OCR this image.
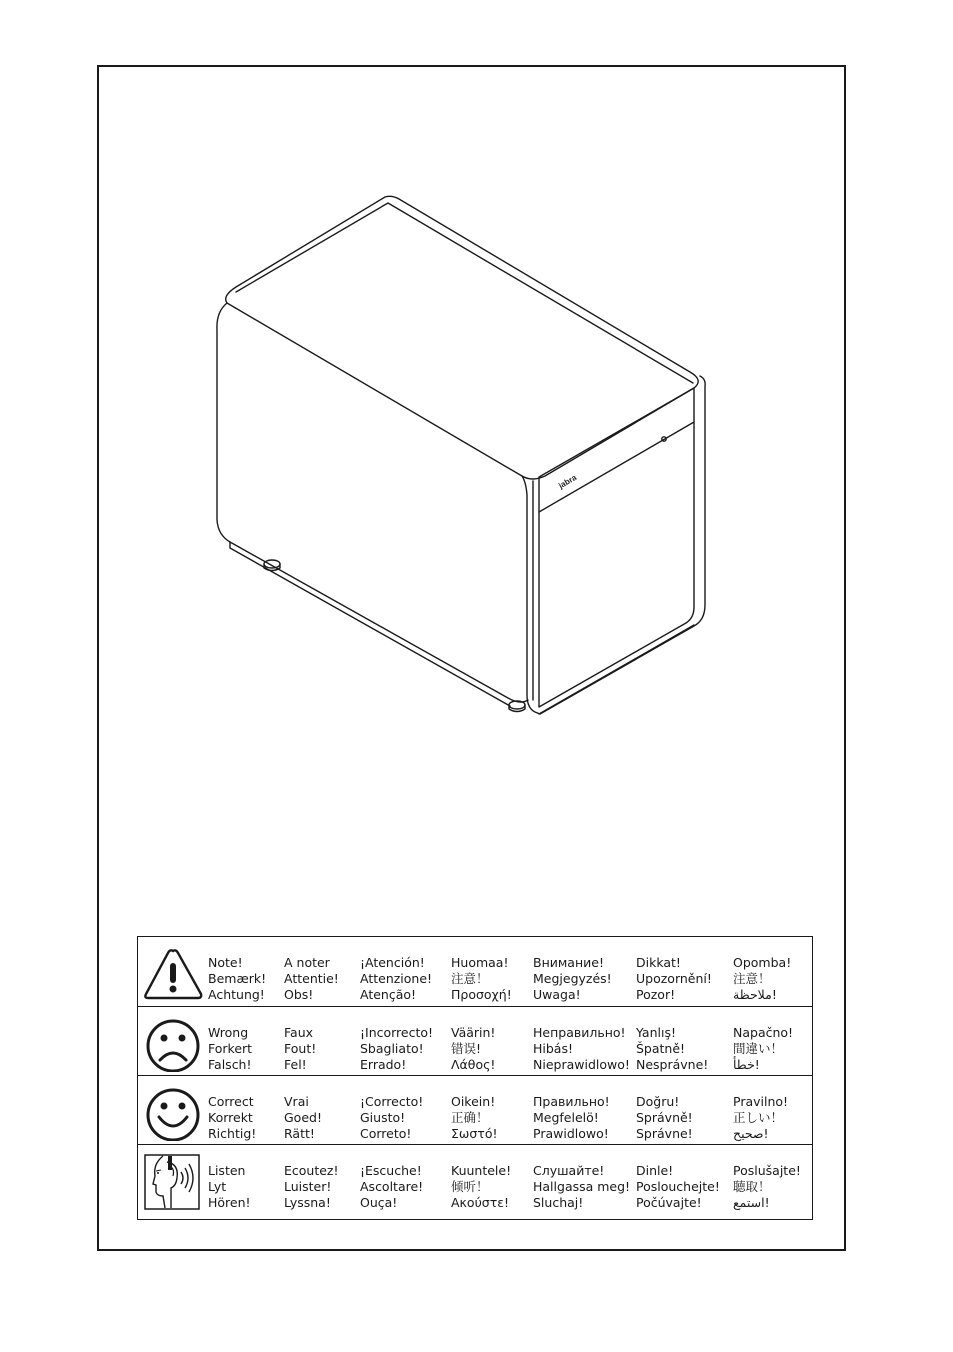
jabra
Note!
Bemærk!
Achtung!
A noter
Attentie!
Obs!
¡Atención!
Attenzione!
Atenção!
Huomaa!
注意！
Προσοχή!
Внимание!
Megjegyzés!
Uwaga!
Dikkat!
Upozornění!
Pozor!
Opomba!
注意！
ملاحظة!
Wrong
Forkert
Falsch!
Faux
Fout!
Fel!
¡Incorrecto!
Sbagliato!
Errado!
Väärin!
错误!
Λάθος!
Неправильно!
Hibás!
Nieprawidlowo!
Yanlış!
Špatně!
Nesprávne!
Napačno!
間違い！
خطأ!
Correct
Korrekt
Richtig!
Vrai
Goed!
Rätt!
¡Correcto!
Giusto!
Correto!
Oikein!
正确！
Σωστό!
Правильно!
Megfelelö!
Prawidlowo!
Doğru!
Správně!
Správne!
Pravilno!
正しい！
صحيح!
Listen
Lyt
Hören!
Ecoutez!
Luister!
Lyssna!
¡Escuche!
Ascoltare!
Ouça!
Kuuntele!
倾听！
Ακούστε!
Слушайте!
Hallgassa meg!
Sluchaj!
Dinle!
Poslouchejte!
Počúvajte!
Poslušajte!
聴取！
استمع!
